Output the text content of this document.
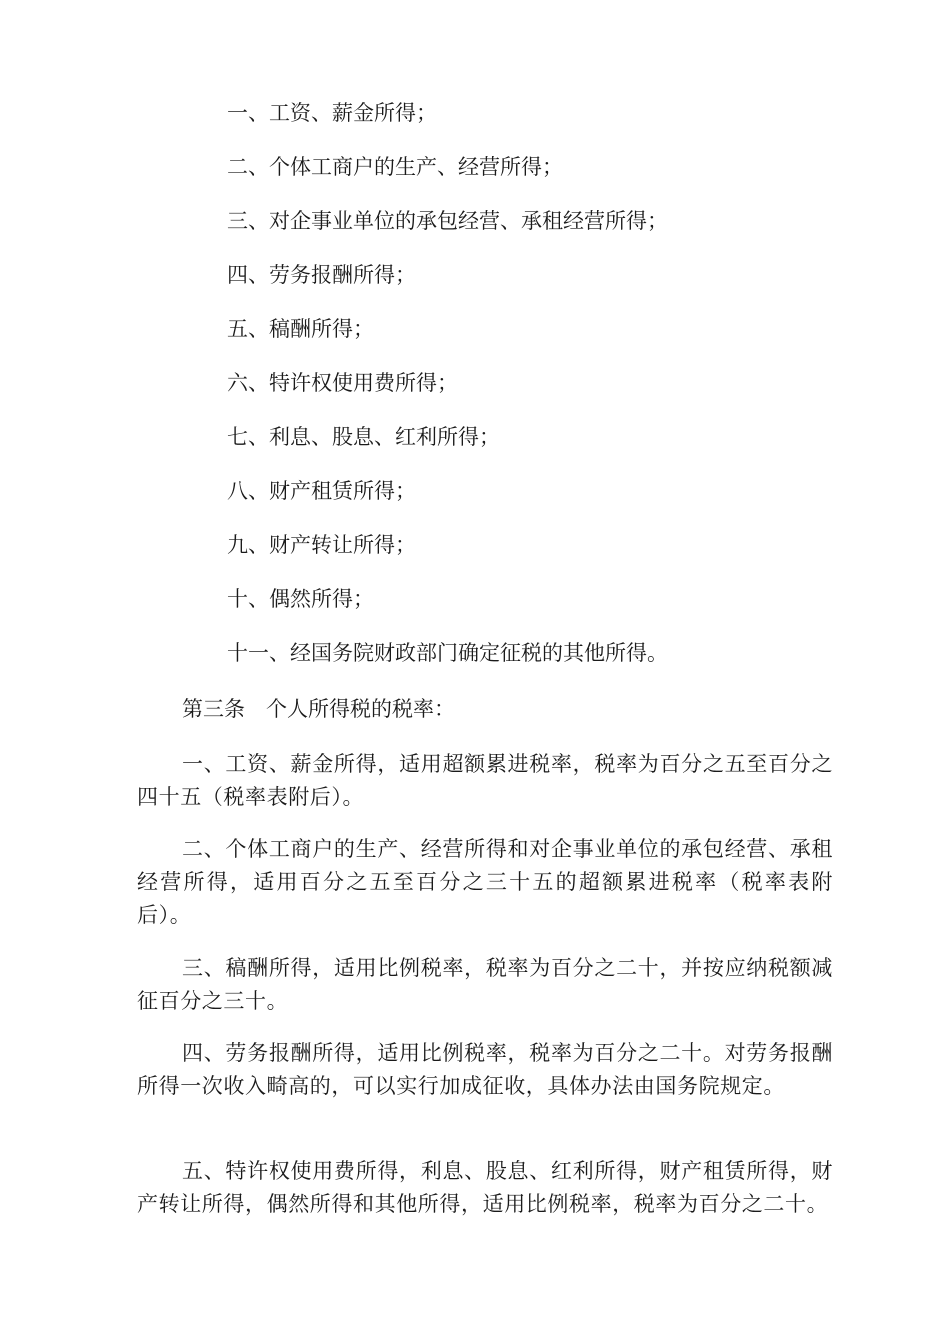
一、工资、薪金所得；
二、个体工商户的生产、经营所得；
三、对企事业单位的承包经营、承租经营所得；
四、劳务报酬所得；
五、稿酬所得；
六、特许权使用费所得；
七、利息、股息、红利所得；
八、财产租赁所得；
九、财产转让所得；
十、偶然所得；
十一、经国务院财政部门确定征税的其他所得。
第三条　个人所得税的税率：

一、工资、薪金所得，适用超额累进税率，税率为百分之五至百分之四十五（税率表附后）。

二、个体工商户的生产、经营所得和对企事业单位的承包经营、承租经营所得，适用百分之五至百分之三十五的超额累进税率（税率表附后）。

三、稿酬所得，适用比例税率，税率为百分之二十，并按应纳税额减征百分之三十。

四、劳务报酬所得，适用比例税率，税率为百分之二十。对劳务报酬所得一次收入畸高的，可以实行加成征收，具体办法由国务院规定。

五、特许权使用费所得，利息、股息、红利所得，财产租赁所得，财产转让所得，偶然所得和其他所得，适用比例税率，税率为百分之二十。
